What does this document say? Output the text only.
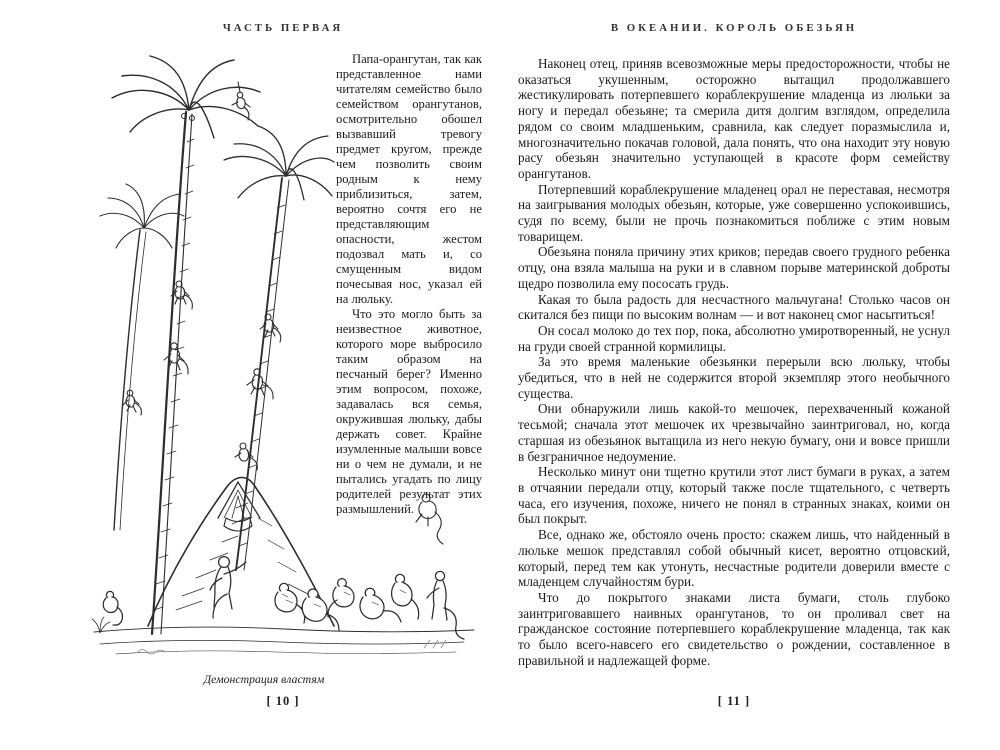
ЧАСТЬ ПЕРВАЯ

Папа-орангутан, так как представленное нами читателям семейство было семейством орангутанов, осмотрительно обошел вызвавший тревогу предмет кругом, прежде чем позволить своим родным к нему приблизиться, затем, вероятно сочтя его не представляющим опасности, жестом подозвал мать и, со смущенным видом почесывая нос, указал ей на люльку.

Что это могло быть за неизвестное животное, которого море выбросило таким образом на песчаный берег? Именно этим вопросом, похоже, задавалась вся семья, окружившая люльку, дабы держать совет. Крайне изумленные малыши вовсе ни о чем не думали, и не пытались угадать по лицу родителей результат этих размышлений.

Демонстрация властям
[ 10 ]
В ОКЕАНИИ. КОРОЛЬ ОБЕЗЬЯН

Наконец отец, приняв всевозможные меры предосторожности, чтобы не оказаться укушенным, осторожно вытащил продолжавшего жестикулировать потерпевшего кораблекрушение младенца из люльки за ногу и передал обезьяне; та смерила дитя долгим взглядом, определила рядом со своим младшеньким, сравнила, как следует поразмыслила и, многозначительно покачав головой, дала понять, что она находит эту новую расу обезьян значительно уступающей в красоте форм семейству орангутанов.

Потерпевший кораблекрушение младенец орал не переставая, несмотря на заигрывания молодых обезьян, которые, уже совершенно успокоившись, судя по всему, были не прочь познакомиться поближе с этим новым товарищем.

Обезьяна поняла причину этих криков; передав своего грудного ребенка отцу, она взяла малыша на руки и в славном порыве материнской доброты щедро позволила ему пососать грудь.

Какая то была радость для несчастного мальчугана! Столько часов он скитался без пищи по высоким волнам — и вот наконец смог насытиться!

Он сосал молоко до тех пор, пока, абсолютно умиротворенный, не уснул на груди своей странной кормилицы.

За это время маленькие обезьянки перерыли всю люльку, чтобы убедиться, что в ней не содержится второй экземпляр этого необычного существа.

Они обнаружили лишь какой-то мешочек, перехваченный кожаной тесьмой; сначала этот мешочек их чрезвычайно заинтриговал, но, когда старшая из обезьянок вытащила из него некую бумагу, они и вовсе пришли в безграничное недоумение.

Несколько минут они тщетно крутили этот лист бумаги в руках, а затем в отчаянии передали отцу, который также после тщательного, с четверть часа, его изучения, похоже, ничего не понял в странных знаках, коими он был покрыт.

Все, однако же, обстояло очень просто: скажем лишь, что найденный в люльке мешок представлял собой обычный кисет, вероятно отцовский, который, перед тем как утонуть, несчастные родители доверили вместе с младенцем случайностям бури.

Что до покрытого знаками листа бумаги, столь глубоко заинтриговавшего наивных орангутанов, то он проливал свет на гражданское состояние потерпевшего кораблекрушение младенца, так как то было всего-навсего его свидетельство о рождении, составленное в правильной и надлежащей форме.

[ 11 ]
